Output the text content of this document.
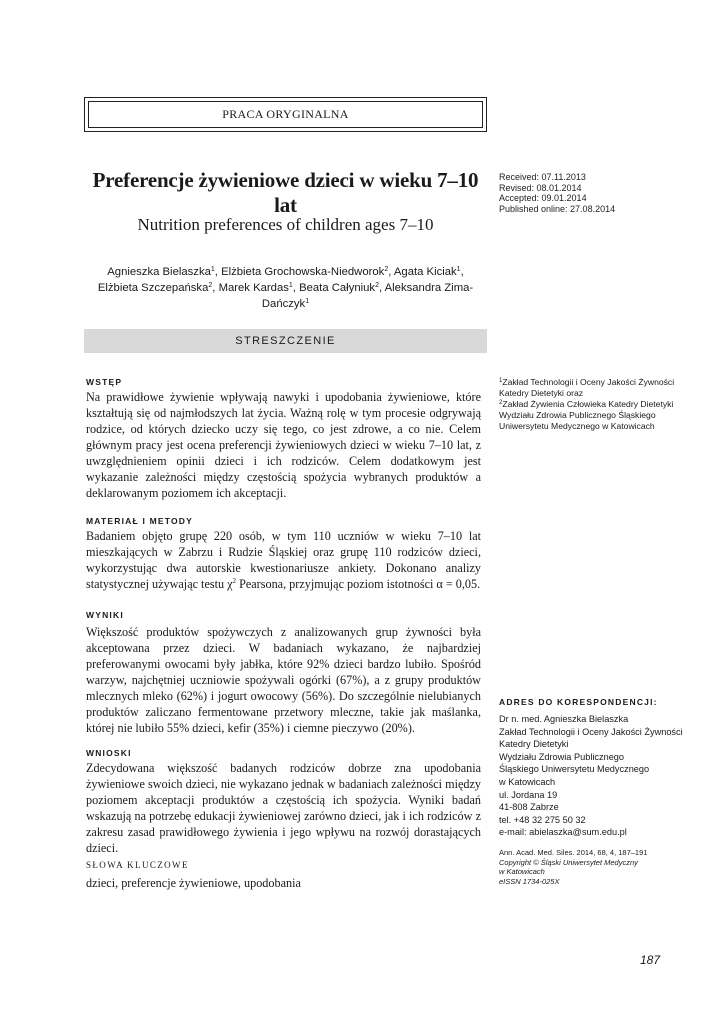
PRACA ORYGINALNA
Preferencje żywieniowe dzieci w wieku 7–10 lat
Nutrition preferences of children ages 7–10
Agnieszka Bielaszka$^1$, Elżbieta Grochowska-Niedworok$^2$, Agata Kiciak$^1$,
Elżbieta Szczepańska$^2$, Marek Kardas$^1$, Beata Całyniuk$^2$, Aleksandra Zima-Dańczyk$^1$
Received: 07.11.2013
Revised: 08.01.2014
Accepted: 09.01.2014
Published online: 27.08.2014
STRESZCZENIE
WSTĘP
Na prawidłowe żywienie wpływają nawyki i upodobania żywieniowe, które kształtują się od najmłodszych lat życia. Ważną rolę w tym procesie odgrywają rodzice, od których dziecko uczy się tego, co jest zdrowe, a co nie. Celem głównym pracy jest ocena preferencji żywieniowych dzieci w wieku 7–10 lat, z uwzględnieniem opinii dzieci i ich rodziców. Celem dodatkowym jest wykazanie zależności między częstością spożycia wybranych produktów a deklarowanym poziomem ich akceptacji.
MATERIAŁ I METODY
Badaniem objęto grupę 220 osób, w tym 110 uczniów w wieku 7–10 lat mieszkających w Zabrzu i Rudzie Śląskiej oraz grupę 110 rodziców dzieci, wykorzystując dwa autorskie kwestionariusze ankiety. Dokonano analizy statystycznej używając testu $\chi^2$ Pearsona, przyjmując poziom istotności α = 0,05.
WYNIKI
Większość produktów spożywczych z analizowanych grup żywności była akceptowana przez dzieci. W badaniach wykazano, że najbardziej preferowanymi owocami były jabłka, które 92% dzieci bardzo lubiło. Spośród warzyw, najchętniej uczniowie spożywali ogórki (67%), a z grupy produktów mlecznych mleko (62%) i jogurt owocowy (56%). Do szczególnie nielubianych produktów zaliczano fermentowane przetwory mleczne, takie jak maślanka, której nie lubiło 55% dzieci, kefir (35%) i ciemne pieczywo (20%).
WNIOSKI
Zdecydowana większość badanych rodziców dobrze zna upodobania żywieniowe swoich dzieci, nie wykazano jednak w badaniach zależności między poziomem akceptacji produktów a częstością ich spożycia. Wyniki badań wskazują na potrzebę edukacji żywieniowej zarówno dzieci, jak i ich rodziców z zakresu zasad prawidłowego żywienia i jego wpływu na rozwój dorastających dzieci.
SŁOWA KLUCZOWE
dzieci, preferencje żywieniowe, upodobania
$^1$Zakład Technologii i Oceny Jakości Żywności Katedry Dietetyki oraz
$^2$Zakład Żywienia Człowieka Katedry Dietetyki Wydziału Zdrowia Publicznego Śląskiego Uniwersytetu Medycznego w Katowicach
ADRES DO KORESPONDENCJI:
Dr n. med. Agnieszka Bielaszka
Zakład Technologii i Oceny Jakości Żywności
Katedry Dietetyki
Wydziału Zdrowia Publicznego
Śląskiego Uniwersytetu Medycznego
w Katowicach
ul. Jordana 19
41-808 Zabrze
tel. +48 32 275 50 32
e-mail: abielaszka@sum.edu.pl
Ann. Acad. Med. Siles. 2014, 68, 4, 187–191
Copyright © Śląski Uniwersytet Medyczny
w Katowicach
eISSN 1734-025X
187
